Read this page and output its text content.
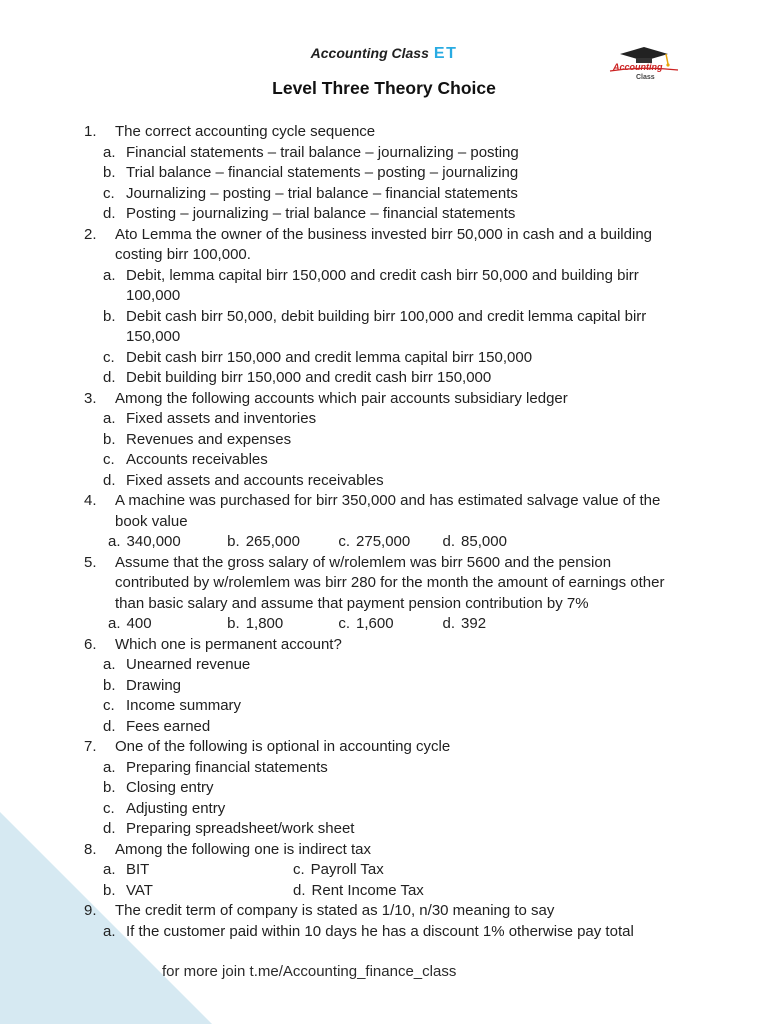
Accounting Class ET
Accounting
Class
Level Three Theory Choice
1. The correct accounting cycle sequence
a. Financial statements – trail balance – journalizing – posting
b. Trial balance – financial statements – posting – journalizing
c. Journalizing – posting – trial balance – financial statements
d. Posting – journalizing – trial balance – financial statements
2. Ato Lemma the owner of the business invested birr 50,000 in cash and a building costing birr 100,000.
a. Debit, lemma capital birr 150,000 and credit cash birr 50,000 and building birr 100,000
b. Debit cash birr 50,000, debit building birr 100,000 and credit lemma capital birr 150,000
c. Debit cash birr 150,000 and credit lemma capital birr 150,000
d. Debit building birr 150,000 and credit cash birr 150,000
3. Among the following accounts which pair accounts subsidiary ledger
a. Fixed assets and inventories
b. Revenues and expenses
c. Accounts receivables
d. Fixed assets and accounts receivables
4. A machine was purchased for birr 350,000 and has estimated salvage value of the book value
a. 340,000	b. 265,000	c. 275,000 d. 85,000
5. Assume that the gross salary of w/rolemlem was birr 5600 and the pension contributed by w/rolemlem was birr 280 for the month the amount of earnings other than basic salary and assume that payment pension contribution by 7%
a. 400	b. 1,800	c. 1,600	d. 392
6. Which one is permanent account?
a. Unearned revenue
b. Drawing
c. Income summary
d. Fees earned
7. One of the following is optional in accounting cycle
a. Preparing financial statements
b. Closing entry
c. Adjusting entry
d. Preparing spreadsheet/work sheet
8. Among the following one is indirect tax
a. BIT
b. VAT
c. Payroll Tax
d. Rent Income Tax
9. The credit term of company is stated as 1/10, n/30 meaning to say
a. If the customer paid within 10 days he has a discount 1% otherwise pay total
for more join t.me/Accounting_finance_class
